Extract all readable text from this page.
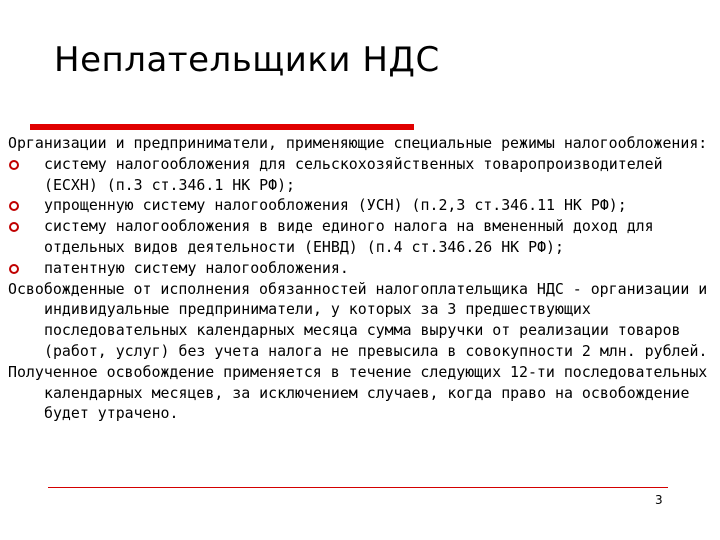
Неплательщики НДС

Организации и предприниматели, применяющие специальные режимы налогообложения:

систему налогообложения для сельскохозяйственных товаропроизводителей (ЕСХН) (п.3 ст.346.1 НК РФ);
упрощенную систему налогообложения (УСН) (п.2,3 ст.346.11 НК РФ);
систему налогообложения в виде единого налога на вмененный доход для отдельных видов деятельности (ЕНВД) (п.4 ст.346.26 НК РФ);
патентную систему налогообложения.

Освобожденные от исполнения обязанностей налогоплательщика НДС - организации и индивидуальные предприниматели, у которых за 3 предшествующих последовательных календарных месяца сумма выручки от реализации товаров (работ, услуг) без учета налога не превысила в совокупности 2 млн. рублей.

Полученное освобождение применяется в течение следующих 12-ти последовательных календарных месяцев, за исключением случаев, когда право на освобождение будет утрачено.

3
